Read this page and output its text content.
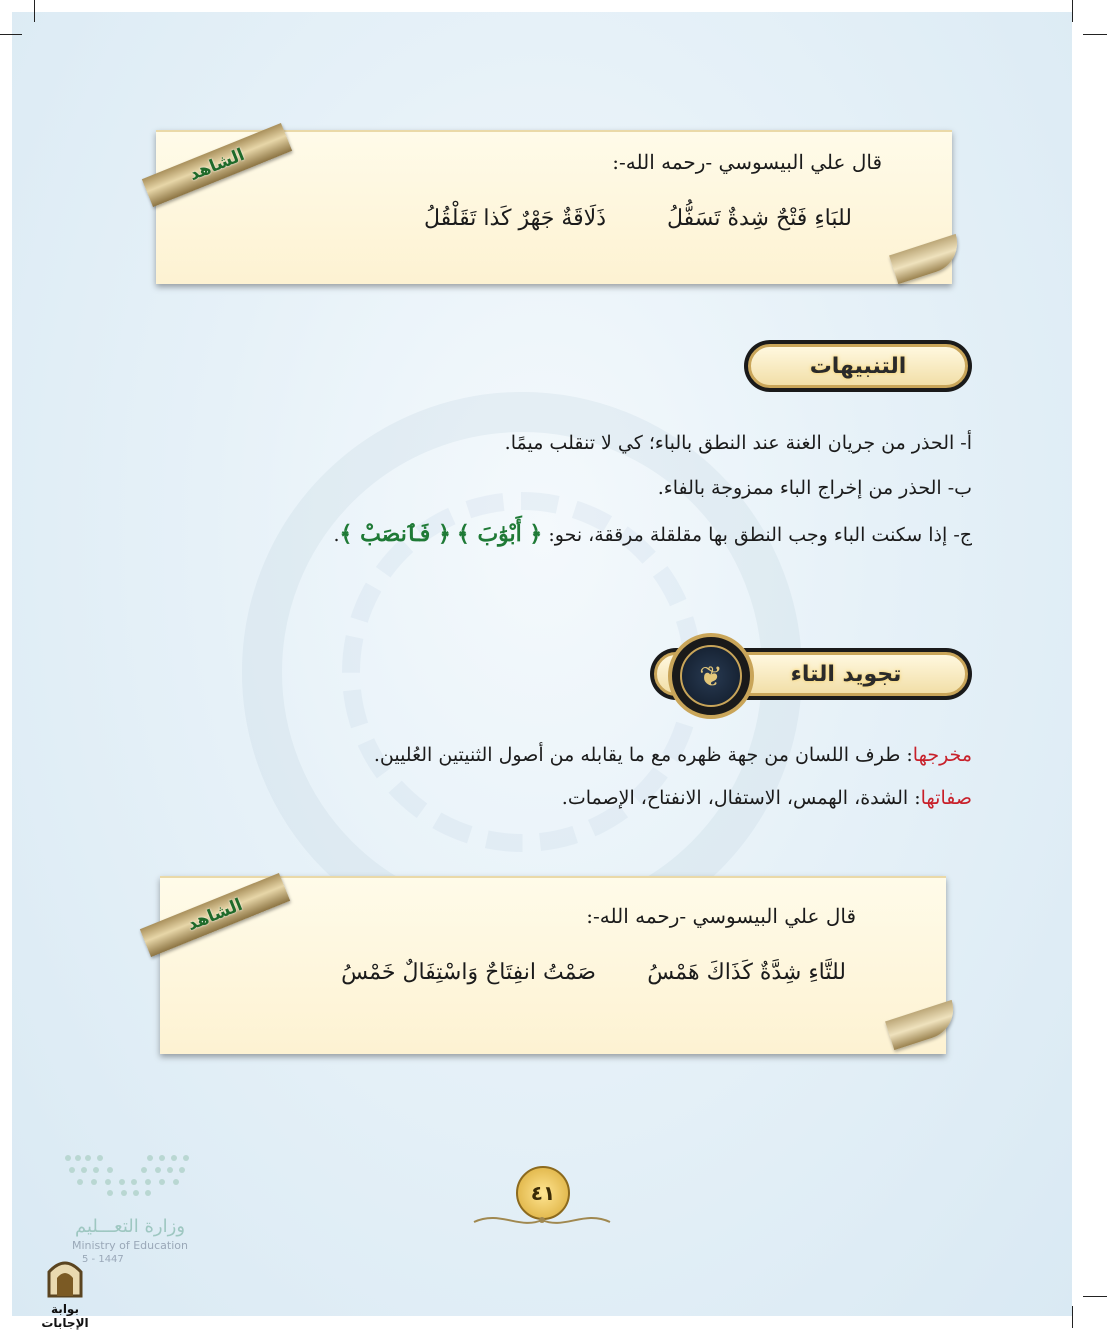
قال علي البيسوسي -رحمه الله-:
للبَاءِ فَتْحٌ شِدةٌ تَسَفُّلُ
ذَلَاقَةٌ جَهْرٌ كَذا تَقَلْقُلُ
الشاهد
التنبيهات
أ- الحذر من جريان الغنة عند النطق بالباء؛ كي لا تنقلب ميمًا.
ب- الحذر من إخراج الباء ممزوجة بالفاء.
ج- إذا سكنت الباء وجب النطق بها مقلقلة مرققة، نحو: ﴿ أَبْوَٰبَ ﴾ ﴿ فَٱنصَبْ ﴾.
تجويد التاء
❦
مخرجها: طرف اللسان من جهة ظهره مع ما يقابله من أصول الثنيتين العُليين.
صفاتها: الشدة، الهمس، الاستفال، الانفتاح، الإصمات.
قال علي البيسوسي -رحمه الله-:
للتَّاءِ شِدَّةٌ كَذَاكَ هَمْسُ
صَمْتُ انفِتَاحٌ وَاسْتِفَالٌ خَمْسُ
الشاهد
٤١
وزارة التعـــليم
Ministry of Education
5 - 1447
بوابة الإجابات
